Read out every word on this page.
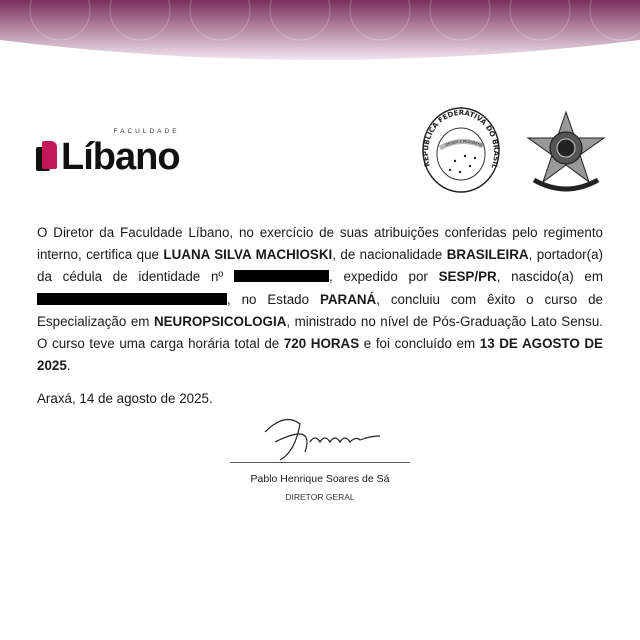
FACULDADE
Líbano	ORDEM E PROGRESS
REPUBLICA FEDERATIVA DO BRASIL

O Diretor da Faculdade Líbano, no exercício de suas atribuições conferidas pelo regimento interno, certifica que LUANA SILVA MACHIOSKI, de nacionalidade BRASILEIRA, portador(a) da cédula de identidade nº	, expedido por SESP/PR, nascido(a) em , no Estado PARANÁ, concluiu com êxito o curso de Especialização em NEUROPSICOLOGIA, ministrado no nível de Pós-Graduação Lato Sensu. O curso teve uma carga horária total de 720 HORAS e foi concluído em 13 DE AGOSTO DE 2025.

Araxá, 14 de agosto de 2025.
Pablo Henrique Soares de Sá
DIRETOR GERAL
